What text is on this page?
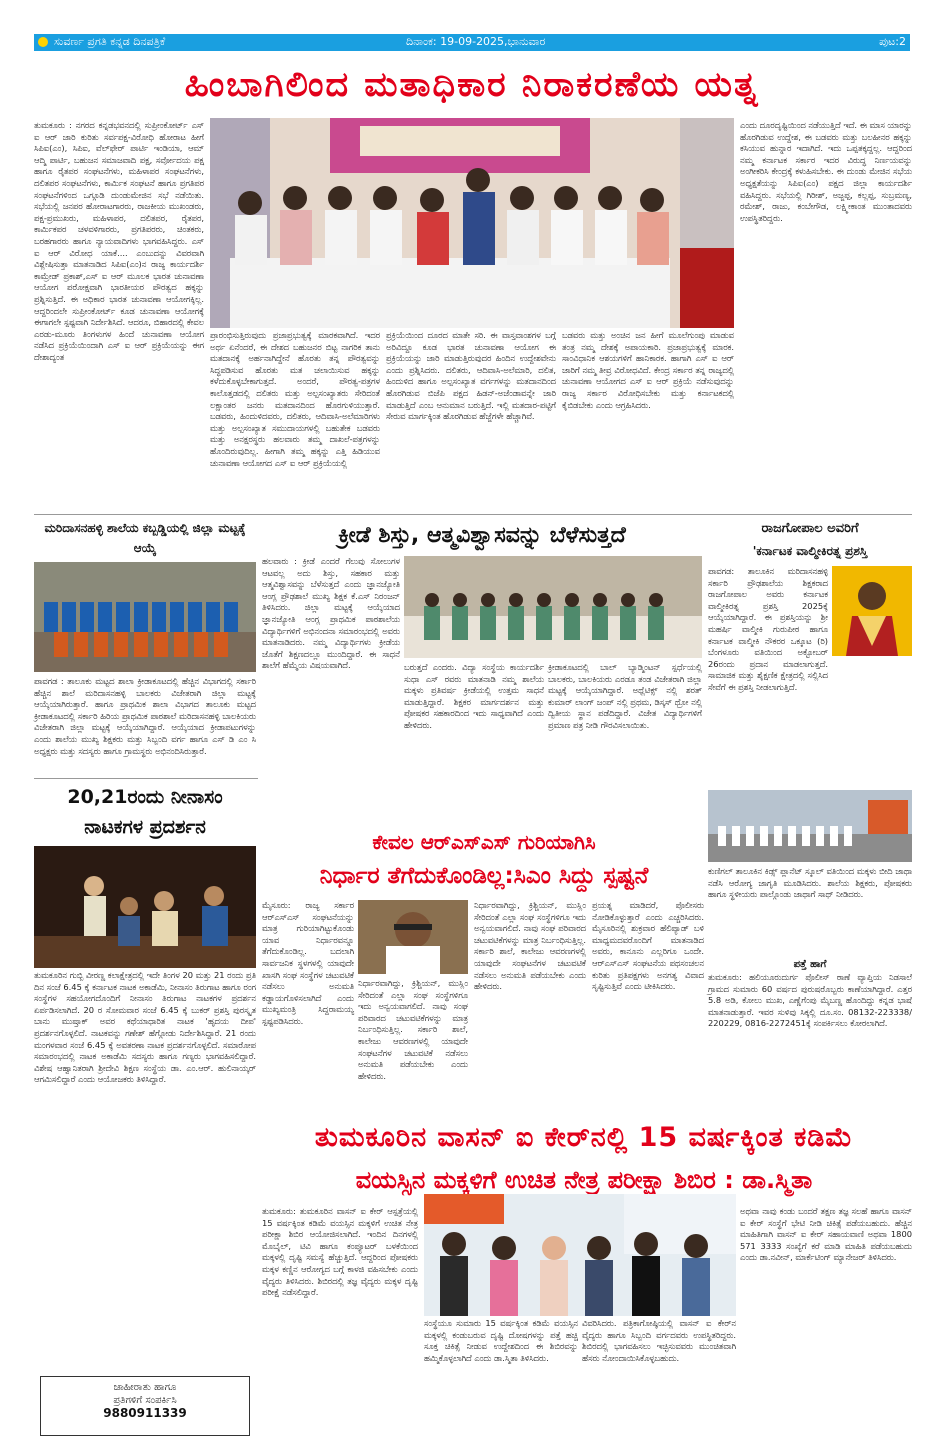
ಸುವರ್ಣ ಪ್ರಗತಿ ಕನ್ನಡ ದಿನಪತ್ರಿಕೆ	ದಿನಾಂಕ: 19-09-2025,ಭಾನುವಾರ	ಪುಟ:2
ಹಿಂಬಾಗಿಲಿಂದ ಮತಾಧಿಕಾರ ನಿರಾಕರಣೆಯ ಯತ್ನ
ತುಮಕೂರು : ನಗರದ ಕನ್ನಡಭವನದಲ್ಲಿ ಸುಪ್ರೀಂಕೋರ್ಟ್ ಎಸ್ ಐ ಆರ್ ಜಾರಿ ಕುರಿತು ಸರ್ವಪಕ್ಷ-ವಿರೋಧಿ ಹೋರಾಟ ಹೀಗೆ ಸಿಪಿಐ(ಎಂ), ಸಿಪಿಐ, ವೆಲ್‌ಫೇರ್ ಪಾರ್ಟಿ ಇಂಡಿಯಾ, ಆಮ್ ಆದ್ಮಿ ಪಾರ್ಟಿ, ಬಹುಜನ ಸಮಾಜವಾದಿ ಪಕ್ಷ, ಸರ್ವೋದಯ ಪಕ್ಷ ಹಾಗೂ ರೈತಪರ ಸಂಘಟನೆಗಳು, ಮಹಿಳಾಪರ ಸಂಘಟನೆಗಳು, ದಲಿತಪರ ಸಂಘಟನೆಗಳು, ಕಾರ್ಮಿಕ ಸಂಘಟನೆ ಹಾಗೂ ಪ್ರಗತಿಪರ ಸಂಘಟನೆಗಳಿಂದ ಒಗ್ಗೂಡಿ ದುಂಡುಮೇಜಿನ ಸಭೆ ನಡೆಯಿತು. ಸಭೆಯಲ್ಲಿ ಜನಪರ ಹೋರಾಟಗಾರರು, ರಾಜಕೀಯ ಮುಖಂಡರು, ಪಕ್ಷ-ಪ್ರಮುಖರು, ಮಹಿಳಾಪರ, ದಲಿತಪರ, ರೈತಪರ, ಕಾರ್ಮಿಕಪರ ಚಳವಳಿಗಾರರು, ಪ್ರಗತಿಪರರು, ಚಿಂತಕರು, ಬರಹಗಾರರು ಹಾಗೂ ನ್ಯಾಯವಾದಿಗಳು ಭಾಗವಹಿಸಿದ್ದರು. ಎಸ್ ಐ ಆರ್ ವಿರೋಧ ಯಾಕೆ.... ಎಂಬುದನ್ನು ವಿವರವಾಗಿ ವಿಶ್ಲೇಷಿಸುತ್ತಾ ಮಾತನಾಡಿದ ಸಿಪಿಐ(ಎಂ)ನ ರಾಜ್ಯ ಕಾರ್ಯದರ್ಶಿ ಕಾಮ್ರೇಡ್ ಪ್ರಕಾಶ್,ಎಸ್ ಐ ಆರ್ ಮೂಲಕ ಭಾರತ ಚುನಾವಣಾ ಆಯೋಗ ಪರೋಕ್ಷವಾಗಿ ಭಾರತೀಯರ ಪೌರತ್ವದ ಹಕ್ಕನ್ನು ಪ್ರಶ್ನಿಸುತ್ತಿದೆ. ಈ ಅಧಿಕಾರ ಭಾರತ ಚುನಾವಣಾ ಆಯೋಗಕ್ಕಿಲ್ಲ. ಆದ್ದರಿಂದಲೇ ಸುಪ್ರೀಂಕೋರ್ಟ್ ಕೂಡ ಚುನಾವಣಾ ಆಯೋಗಕ್ಕೆ ಈಗಾಗಲೇ ಸ್ಪಷ್ಟವಾಗಿ ನಿರ್ದೇಶಿಸಿದೆ. ಆದರೂ, ಬಿಹಾರದಲ್ಲಿ ಕೇವಲ ಎರಡು-ಮೂರು ತಿಂಗಳುಗಳ ಹಿಂದೆ ಚುನಾವಣಾ ಆಯೋಗ ನಡೆಸಿದ ಪ್ರಕ್ರಿಯೆಯಿಂದಾಗಿ ಎಸ್ ಐ ಆರ್ ಪ್ರಕ್ರಿಯೆಯನ್ನು ಈಗ ದೇಶಾದ್ಯಂತ
ಪ್ರಾರಂಭಿಸುತ್ತಿರುವುದು ಪ್ರಜಾಪ್ರಭುತ್ವಕ್ಕೆ ಮಾರಕವಾಗಿದೆ. ಇದರ ಅರ್ಥ ಏನೆಂದರೆ, ಈ ದೇಶದ ಬಹುಜನರ ಬಿಟ್ಟ ನಾಗರಿಕ ತಾನು ಮತದಾನಕ್ಕೆ ಅರ್ಹನಾಗಿದ್ದೇನೆ ಹೊರತು ತನ್ನ ಪೌರತ್ವವನ್ನು ಸಿದ್ಧಪಡಿಸುವ ಹೊರತು ಮತ ಚಲಾಯಿಸುವ ಹಕ್ಕನ್ನು ಕಳೆದುಕೊಳ್ಳಬೇಕಾಗುತ್ತದೆ. ಅಂದರೆ, ಪೌರತ್ವ-ಪತ್ರಗಳ ಕಾಲೊತ್ತಡದಲ್ಲಿ ದಲಿತರು ಮತ್ತು ಅಲ್ಪಸಂಖ್ಯಾತರು ಸೇರಿದಂತೆ ಲಕ್ಷಾಂತರ ಜನರು ಮತದಾನದಿಂದ ಹೊರಗುಳಿಯುತ್ತಾರೆ. ಬಡವರು, ಹಿಂದುಳಿದವರು, ದಲಿತರು, ಆದಿವಾಸಿ-ಅಲೆಮಾರಿಗಳು ಮತ್ತು ಅಲ್ಪಸಂಖ್ಯಾತ ಸಮುದಾಯಗಳಲ್ಲಿ ಬಹುತೇಕ ಬಡವರು ಮತ್ತು ಅನಕ್ಷರಸ್ಥರು ಹಲವಾರು ತಮ್ಮ ದಾಖಲೆ-ಪತ್ರಗಳನ್ನು ಹೊಂದಿರುವುದಿಲ್ಲ. ಹೀಗಾಗಿ ತಮ್ಮ ಹಕ್ಕನ್ನು ಎತ್ತಿ ಹಿಡಿಯುವ ಚುನಾವಣಾ ಆಯೋಗದ ಎಸ್ ಐ ಆರ್ ಪ್ರಕ್ರಿಯೆಯಲ್ಲಿ
ಪ್ರಕ್ರಿಯೆಯಿಂದ ದೂರದ ಮಾತೇ ಸರಿ. ಈ ವಾಸ್ತವಾಂಶಗಳ ಬಗ್ಗೆ ಅರಿವಿದ್ದೂ ಕೂಡ ಭಾರತ ಚುನಾವಣಾ ಆಯೋಗ ಈ ಪ್ರಕ್ರಿಯೆಯನ್ನು ಜಾರಿ ಮಾಡುತ್ತಿರುವುದರ ಹಿಂದಿನ ಉದ್ದೇಶವೇನು ಎಂದು ಪ್ರಶ್ನಿಸಿದರು. ದಲಿತರು, ಆದಿವಾಸಿ-ಅಲೆಮಾರಿ, ದಲಿತ, ಹಿಂದುಳಿದ ಹಾಗೂ ಅಲ್ಪಸಂಖ್ಯಾತ ವರ್ಗಗಳನ್ನು ಮತದಾನದಿಂದ ಹೊರಗಿಡುವ ಬಿಜೆಪಿ ಪಕ್ಷದ ಹಿಡನ್-ಅಜೆಂಡಾವನ್ನೇ ಜಾರಿ ಮಾಡುತ್ತಿದೆ ಎಂಬ ಆನುಮಾನ ಬರುತ್ತಿದೆ. ಇಲ್ಲಿ ಮತದಾರ-ಪಟ್ಟಿಗೆ ಸೇರುವ ಮಾರ್ಗಕ್ಕಿಂತ ಹೊರಗಿಡುವ ಹೆಜ್ಜೆಗಳೇ ಹೆಚ್ಚಾಗಿವೆ.
ಬಡವರು ಮತ್ತು ಅಂಚಿನ ಜನ ಹೀಗೆ ಮೂಲೆಗುಂಪು ಮಾಡುವ ತಂತ್ರ ನಮ್ಮ ದೇಶಕ್ಕೆ ಅಪಾಯಕಾರಿ. ಪ್ರಜಾಪ್ರಭುತ್ವಕ್ಕೆ ಮಾರಕ. ಸಾಂವಿಧಾನಿಕ ಆಶಯಗಳಿಗೆ ಹಾನಿಕಾರಕ. ಹಾಗಾಗಿ ಎಸ್ ಐ ಆರ್ ಜಾರಿಗೆ ನಮ್ಮ ತೀವ್ರ ವಿರೋಧವಿದೆ. ಕೇಂದ್ರ ಸರ್ಕಾರ ತನ್ನ ರಾಜ್ಯದಲ್ಲಿ ಚುನಾವಣಾ ಆಯೋಗದ ಎಸ್ ಐ ಆರ್ ಪ್ರಕ್ರಿಯೆ ನಡೆಸುವುದನ್ನು ರಾಜ್ಯ ಸರ್ಕಾರ ವಿರೋಧಿಸಬೇಕು ಮತ್ತು ಕರ್ನಾಟಕದಲ್ಲಿ ಕೈಬಿಡಬೇಕು ಎಂದು ಆಗ್ರಹಿಸಿದರು.
ಎಂದು ದೂರದೃಷ್ಟಿಯಿಂದ ನಡೆಯುತ್ತಿದೆ ಇದೆ. ಈ ಮಾಸ ಯಾರನ್ನು ಹೊರಗಿಡುವ ಉದ್ದೇಶ, ಈ ಬಡವರು ಮತ್ತು ಬಲಹೀನರ ಹಕ್ಕನ್ನು ಕಸಿಯುವ ಹುನ್ನಾರ ಇದಾಗಿದೆ. ಇದು ಒಪ್ಪತಕ್ಕದ್ದಲ್ಲ. ಆದ್ದರಿಂದ ನಮ್ಮ ಕರ್ನಾಟಕ ಸರ್ಕಾರ ಇದರ ವಿರುದ್ಧ ನಿರ್ಣಯವನ್ನು ಅಂಗೀಕರಿಸಿ ಕೇಂದ್ರಕ್ಕೆ ಕಳುಹಿಸಬೇಕು. ಈ ದುಂಡು ಮೇಜಿನ ಸಭೆಯ ಅಧ್ಯಕ್ಷತೆಯನ್ನು ಸಿಪಿಐ(ಎಂ) ಪಕ್ಷದ ಜಿಲ್ಲಾ ಕಾರ್ಯದರ್ಶಿ ವಹಿಸಿದ್ದರು. ಸಭೆಯಲ್ಲಿ ಗಿರೀಶ್, ಅಜ್ಜಪ್ಪ, ಕಲ್ಲಪ್ಪ, ಸುಬ್ರಮಣ್ಯ, ರಮೇಶ್, ರಾಜು, ಕಂಬೇಗೌಡ, ಲಕ್ಷ್ಮೀಕಾಂತ ಮುಂತಾದವರು ಉಪಸ್ಥಿತರಿದ್ದರು.
ಮರಿದಾಸನಹಳ್ಳಿ ಶಾಲೆಯ ಕಬ್ಬಡ್ಡಿಯಲ್ಲಿ ಜಿಲ್ಲಾ ಮಟ್ಟಕ್ಕೆ ಆಯ್ಕೆ
ಪಾವಗಡ : ತಾಲೂಕು ಮಟ್ಟದ ಶಾಲಾ ಕ್ರೀಡಾಕೂಟದಲ್ಲಿ ಹೆಚ್ಚಿನ ವಿಭಾಗದಲ್ಲಿ ಸರ್ಕಾರಿ ಹೆಚ್ಚಿನ ಶಾಲೆ ಮರಿದಾಸನಹಳ್ಳಿ ಬಾಲಕರು ವಿಜೇತರಾಗಿ ಜಿಲ್ಲಾ ಮಟ್ಟಕ್ಕೆ ಆಯ್ಕೆಯಾಗಿರುತ್ತಾರೆ. ಹಾಗೂ ಪ್ರಾಥಮಿಕ ಶಾಲಾ ವಿಭಾಗದ ತಾಲೂಕು ಮಟ್ಟದ ಕ್ರೀಡಾಕೂಟದಲ್ಲಿ ಸರ್ಕಾರಿ ಹಿರಿಯ ಪ್ರಾಥಮಿಕ ಪಾಠಶಾಲೆ ಮರಿದಾಸನಹಳ್ಳಿ ಬಾಲಕಿಯರು ವಿಜೇತರಾಗಿ ಜಿಲ್ಲಾ ಮಟ್ಟಕ್ಕೆ ಆಯ್ಕೆಯಾಗಿದ್ದಾರೆ. ಆಯ್ಕೆಯಾದ ಕ್ರೀಡಾಪಟುಗಳನ್ನು ಎಂದು ಶಾಲೆಯ ಮುಖ್ಯ ಶಿಕ್ಷಕರು ಮತ್ತು ಸಿಬ್ಬಂದಿ ವರ್ಗ ಹಾಗೂ ಎಸ್ ಡಿ ಎಂ ಸಿ ಅಧ್ಯಕ್ಷರು ಮತ್ತು ಸದಸ್ಯರು ಹಾಗೂ ಗ್ರಾಮಸ್ಥರು ಅಭಿನಂದಿಸಿರುತ್ತಾರೆ.
ಕ್ರೀಡೆ ಶಿಸ್ತು, ಆತ್ಮವಿಶ್ವಾಸವನ್ನು ಬೆಳೆಸುತ್ತದೆ
ಹಲವಾರು : ಕ್ರೀಡೆ ಎಂದರೆ ಗೆಲುವು ಸೋಲುಗಳ ಆಟವಲ್ಲ ಅದು ಶಿಸ್ತು, ಸಹಕಾರ ಮತ್ತು ಆತ್ಮವಿಶ್ವಾಸವನ್ನು ಬೆಳೆಸುತ್ತದೆ ಎಂದು ಜ್ಞಾನಜ್ಯೋತಿ ಆಂಗ್ಲ ಪ್ರೌಢಶಾಲೆ ಮುಖ್ಯ ಶಿಕ್ಷಕ ಕೆ.ಎಸ್ ನಿರಂಜನ್ ತಿಳಿಸಿದರು. ಜಿಲ್ಲಾ ಮಟ್ಟಕ್ಕೆ ಆಯ್ಕೆಯಾದ ಜ್ಞಾನಜ್ಯೋತಿ ಆಂಗ್ಲ ಪ್ರಾಥಮಿಕ ಪಾಠಶಾಲೆಯ ವಿದ್ಯಾರ್ಥಿಗಳಿಗೆ ಅಭಿನಂದನಾ ಸಮಾರಂಭದಲ್ಲಿ ಅವರು ಮಾತನಾಡಿದರು. ನಮ್ಮ ವಿದ್ಯಾರ್ಥಿಗಳು ಕ್ರೀಡೆಯ ಜೊತೆಗೆ ಶಿಕ್ಷಣದಲ್ಲೂ ಮುಂದಿದ್ದಾರೆ. ಈ ಸಾಧನೆ ಶಾಲೆಗೆ ಹೆಮ್ಮೆಯ ವಿಷಯವಾಗಿದೆ.	ಬರುತ್ತದೆ ಎಂದರು. ವಿದ್ಯಾ ಸಂಸ್ಥೆಯ ಕಾರ್ಯದರ್ಶಿ ಸುಧಾ ಎಸ್ ರವರು ಮಾತನಾಡಿ ನಮ್ಮ ಶಾಲೆಯ ಮಕ್ಕಳು ಪ್ರತಿವರ್ಷ ಕ್ರೀಡೆಯಲ್ಲಿ ಉತ್ತಮ ಸಾಧನೆ ಮಾಡುತ್ತಿದ್ದಾರೆ. ಶಿಕ್ಷಕರ ಮಾರ್ಗದರ್ಶನ ಮತ್ತು ಪೋಷಕರ ಸಹಕಾರದಿಂದ ಇದು ಸಾಧ್ಯವಾಗಿದೆ ಎಂದು ಹೇಳಿದರು.
ಕ್ರೀಡಾಕೂಟದಲ್ಲಿ ಬಾಲ್ ಬ್ಯಾಡ್ಮಿಂಟನ್ ಸ್ಪರ್ಧೆಯಲ್ಲಿ ಬಾಲಕರು, ಬಾಲಕಿಯರು ಎರಡೂ ತಂಡ ವಿಜೇತರಾಗಿ ಜಿಲ್ಲಾ ಮಟ್ಟಕ್ಕೆ ಆಯ್ಕೆಯಾಗಿದ್ದಾರೆ. ಅಥ್ಲೆಟಿಕ್ಸ್ ನಲ್ಲಿ ಶರತ್ ಕುಮಾರ್ ಲಾಂಗ್ ಜಂಪ್ ನಲ್ಲಿ ಪ್ರಥಮ, ಡಿಸ್ಕಸ್ ಥ್ರೋ ನಲ್ಲಿ ದ್ವಿತೀಯ ಸ್ಥಾನ ಪಡೆದಿದ್ದಾರೆ. ವಿಜೇತ ವಿದ್ಯಾರ್ಥಿಗಳಿಗೆ ಪ್ರಮಾಣ ಪತ್ರ ನೀಡಿ ಗೌರವಿಸಲಾಯಿತು.
ರಾಜಗೋಪಾಲ ಅವರಿಗೆ
'ಕರ್ನಾಟಕ ವಾಲ್ಮೀಕಿರತ್ನ ಪ್ರಶಸ್ತಿ
ಪಾವಗಡ: ತಾಲೂಕಿನ ಮರಿದಾಸನಹಳ್ಳಿ ಸರ್ಕಾರಿ ಪ್ರೌಢಶಾಲೆಯ ಶಿಕ್ಷಕರಾದ ರಾಜಗೋಪಾಲ ಅವರು ಕರ್ನಾಟಕ ವಾಲ್ಮೀಕಿರತ್ನ ಪ್ರಶಸ್ತಿ 2025ಕ್ಕೆ ಆಯ್ಕೆಯಾಗಿದ್ದಾರೆ. ಈ ಪ್ರಶಸ್ತಿಯನ್ನು ಶ್ರೀ ಮಹರ್ಷಿ ವಾಲ್ಮೀಕಿ ಗುರುಪೀಠ ಹಾಗೂ ಕರ್ನಾಟಕ ವಾಲ್ಮೀಕಿ ನೌಕರರ ಒಕ್ಕೂಟ (ರಿ) ಬೆಂಗಳೂರು ವತಿಯಿಂದ ಅಕ್ಟೋಬರ್ 26ರಂದು ಪ್ರದಾನ ಮಾಡಲಾಗುತ್ತದೆ. ಸಾಮಾಜಿಕ ಮತ್ತು ಶೈಕ್ಷಣಿಕ ಕ್ಷೇತ್ರದಲ್ಲಿ ಸಲ್ಲಿಸಿದ ಸೇವೆಗೆ ಈ ಪ್ರಶಸ್ತಿ ನೀಡಲಾಗುತ್ತಿದೆ.
ಕುಣಿಗಲ್ ತಾಲೂಕಿನ ಕಿಡ್ಸ್ ಪ್ಲಾನೆಟ್ ಸ್ಕೂಲ್ ವತಿಯಿಂದ ಮಕ್ಕಳು ಬೀದಿ ಜಾಥಾ ನಡೆಸಿ ಆರೋಗ್ಯ ಜಾಗೃತಿ ಮೂಡಿಸಿದರು. ಶಾಲೆಯ ಶಿಕ್ಷಕರು, ಪೋಷಕರು ಹಾಗೂ ಸ್ಥಳೀಯರು ಪಾಲ್ಗೊಂಡು ಜಾಥಾಗೆ ಸಾಥ್ ನೀಡಿದರು.
ಪತ್ತೆ ಹಾಗೆ
ತುಮಕೂರು: ಹಲಿಯೂರುದುರ್ಗ ಪೊಲೀಸ್ ಠಾಣೆ ವ್ಯಾಪ್ತಿಯ ನಿಡಸಾಲೆ ಗ್ರಾಮದ ಸುಮಾರು 60 ವರ್ಷದ ಪುರುಷರೊಬ್ಬರು ಕಾಣೆಯಾಗಿದ್ದಾರೆ. ಎತ್ತರ 5.8 ಅಡಿ, ಕೋಲು ಮುಖ, ಎಣ್ಣೆಗೆಂಪು ಮೈಬಣ್ಣ ಹೊಂದಿದ್ದು ಕನ್ನಡ ಭಾಷೆ ಮಾತನಾಡುತ್ತಾರೆ. ಇವರ ಸುಳಿವು ಸಿಕ್ಕಲ್ಲಿ ದೂ.ಸಂ. 08132-223338/ 220229, 0816-2272451ಕ್ಕೆ ಸಂಪರ್ಕಿಸಲು ಕೋರಲಾಗಿದೆ.
20,21ರಂದು ನೀನಾಸಂ
ನಾಟಕಗಳ ಪ್ರದರ್ಶನ
ತುಮಕೂರಿನ ಗುಬ್ಬಿ ವೀರಣ್ಣ ಕಲಾಕ್ಷೇತ್ರದಲ್ಲಿ ಇದೇ ತಿಂಗಳ 20 ಮತ್ತು 21 ರಂದು ಪ್ರತಿ ದಿನ ಸಂಜೆ 6.45 ಕ್ಕೆ ಕರ್ನಾಟಕ ನಾಟಕ ಅಕಾಡೆಮಿ, ನೀನಾಸಂ ತಿರುಗಾಟ ಹಾಗೂ ರಂಗ ಸಂಸ್ಥೆಗಳ ಸಹಯೋಗದೊಂದಿಗೆ ನೀನಾಸಂ ತಿರುಗಾಟ ನಾಟಕಗಳ ಪ್ರದರ್ಶನ ಏರ್ಪಡಿಸಲಾಗಿದೆ. 20 ರ ಸೋಮವಾರ ಸಂಜೆ 6.45 ಕ್ಕೆ ಬುಕರ್ ಪ್ರಶಸ್ತಿ ಪುರಸ್ಕೃತ ಬಾನು ಮುಷ್ತಾಕ್ ಅವರ ಕಥೆಯಾಧಾರಿತ ನಾಟಕ 'ಹೃದಯ ದೀಪ' ಪ್ರದರ್ಶನಗೊಳ್ಳಲಿದೆ. ನಾಟಕವನ್ನು ಗಣೇಶ್ ಹೆಗ್ಗೋಡು ನಿರ್ದೇಶಿಸಿದ್ದಾರೆ. 21 ರಂದು ಮಂಗಳವಾರ ಸಂಜೆ 6.45 ಕ್ಕೆ ಅವತರಣಾ ನಾಟಕ ಪ್ರದರ್ಶನಗೊಳ್ಳಲಿದೆ. ಸಮಾರೋಪ ಸಮಾರಂಭದಲ್ಲಿ ನಾಟಕ ಅಕಾಡೆಮಿ ಸದಸ್ಯರು ಹಾಗೂ ಗಣ್ಯರು ಭಾಗವಹಿಸಲಿದ್ದಾರೆ. ವಿಶೇಷ ಆಹ್ವಾನಿತರಾಗಿ ಶ್ರೀದೇವಿ ಶಿಕ್ಷಣ ಸಂಸ್ಥೆಯ ಡಾ. ಎಂ.ಆರ್. ಹುಲಿನಾಯ್ಕರ್ ಆಗಮಿಸಲಿದ್ದಾರೆ ಎಂದು ಆಯೋಜಕರು ತಿಳಿಸಿದ್ದಾರೆ.
ಜಾಹೀರಾತು ಹಾಗೂ
ಪ್ರತಿಗಳಿಗೆ ಸಂಪರ್ಕಿಸಿ
9880911339
ಕೇವಲ ಆರ್‌ಎಸ್‌ಎಸ್ ಗುರಿಯಾಗಿಸಿ
ನಿರ್ಧಾರ ತೆಗೆದುಕೊಂಡಿಲ್ಲ:ಸಿಎಂ ಸಿದ್ದು ಸ್ಪಷ್ಟನೆ
ಮೈಸೂರು: ರಾಜ್ಯ ಸರ್ಕಾರ ಆರ್‌ಎಸ್‌ಎಸ್ ಸಂಘಟನೆಯನ್ನು ಮಾತ್ರ ಗುರಿಯಾಗಿಟ್ಟುಕೊಂಡು ಯಾವ ನಿರ್ಧಾರವನ್ನೂ ತೆಗೆದುಕೊಂಡಿಲ್ಲ. ಬದಲಾಗಿ ಸಾರ್ವಜನಿಕ ಸ್ಥಳಗಳಲ್ಲಿ ಯಾವುದೇ ಖಾಸಗಿ ಸಂಘ ಸಂಸ್ಥೆಗಳ ಚಟುವಟಿಕೆ ನಡೆಸಲು ಅನುಮತಿ ಕಡ್ಡಾಯಗೊಳಿಸಲಾಗಿದೆ ಎಂದು ಮುಖ್ಯಮಂತ್ರಿ ಸಿದ್ದರಾಮಯ್ಯ ಸ್ಪಷ್ಟಪಡಿಸಿದರು.
ನಿರ್ಧಾರವಾಗಿದ್ದು, ಕ್ರಿಶ್ಚಿಯನ್, ಮುಸ್ಲಿಂ ಸೇರಿದಂತೆ ಎಲ್ಲಾ ಸಂಘ ಸಂಸ್ಥೆಗಳಿಗೂ ಇದು ಅನ್ವಯವಾಗಲಿದೆ. ನಾವು ಸಂಘ ಪರಿವಾರದ ಚಟುವಟಿಕೆಗಳನ್ನು ಮಾತ್ರ ನಿರ್ಬಂಧಿಸುತ್ತಿಲ್ಲ. ಸರ್ಕಾರಿ ಶಾಲೆ, ಕಾಲೇಜು ಆವರಣಗಳಲ್ಲಿ ಯಾವುದೇ ಸಂಘಟನೆಗಳ ಚಟುವಟಿಕೆ ನಡೆಸಲು ಅನುಮತಿ ಪಡೆಯಬೇಕು ಎಂದು ಹೇಳಿದರು.
ನಿರ್ಧಾರವಾಗಿದ್ದು, ಕ್ರಿಶ್ಚಿಯನ್, ಮುಸ್ಲಿಂ ಸೇರಿದಂತೆ ಎಲ್ಲಾ ಸಂಘ ಸಂಸ್ಥೆಗಳಿಗೂ ಇದು ಅನ್ವಯವಾಗಲಿದೆ. ನಾವು ಸಂಘ ಪರಿವಾರದ ಚಟುವಟಿಕೆಗಳನ್ನು ಮಾತ್ರ ನಿರ್ಬಂಧಿಸುತ್ತಿಲ್ಲ. ಸರ್ಕಾರಿ ಶಾಲೆ, ಕಾಲೇಜು ಆವರಣಗಳಲ್ಲಿ ಯಾವುದೇ ಸಂಘಟನೆಗಳ ಚಟುವಟಿಕೆ ನಡೆಸಲು ಅನುಮತಿ ಪಡೆಯಬೇಕು ಎಂದು ಹೇಳಿದರು.
ಪ್ರಯತ್ನ ಮಾಡಿದರೆ, ಪೊಲೀಸರು ನೋಡಿಕೊಳ್ಳುತ್ತಾರೆ ಎಂದು ಎಚ್ಚರಿಸಿದರು. ಮೈಸೂರಿನಲ್ಲಿ ಶುಕ್ರವಾರ ಹೆಲಿಪ್ಯಾಡ್ ಬಳಿ ಮಾಧ್ಯಮದವರೊಂದಿಗೆ ಮಾತನಾಡಿದ ಅವರು, ಕಾನೂನು ಎಲ್ಲರಿಗೂ ಒಂದೇ. ಆರ್‌ಎಸ್‌ಎಸ್ ಸಂಘಟನೆಯ ಪಥಸಂಚಲನ ಕುರಿತು ಪ್ರತಿಪಕ್ಷಗಳು ಅನಗತ್ಯ ವಿವಾದ ಸೃಷ್ಟಿಸುತ್ತಿವೆ ಎಂದು ಟೀಕಿಸಿದರು.
ತುಮಕೂರಿನ ವಾಸನ್ ಐ ಕೇರ್‌ನಲ್ಲಿ 15 ವರ್ಷಕ್ಕಿಂತ ಕಡಿಮೆ
ವಯಸ್ಸಿನ ಮಕ್ಕಳಿಗೆ ಉಚಿತ ನೇತ್ರ ಪರೀಕ್ಷಾ ಶಿಬಿರ : ಡಾ.ಸ್ಮಿತಾ
ತುಮಕೂರು: ತುಮಕೂರಿನ ವಾಸನ್ ಐ ಕೇರ್ ಆಸ್ಪತ್ರೆಯಲ್ಲಿ 15 ವರ್ಷಕ್ಕಿಂತ ಕಡಿಮೆ ವಯಸ್ಸಿನ ಮಕ್ಕಳಿಗೆ ಉಚಿತ ನೇತ್ರ ಪರೀಕ್ಷಾ ಶಿಬಿರ ಆಯೋಜಿಸಲಾಗಿದೆ. ಇಂದಿನ ದಿನಗಳಲ್ಲಿ ಮೊಬೈಲ್, ಟಿವಿ ಹಾಗೂ ಕಂಪ್ಯೂಟರ್ ಬಳಕೆಯಿಂದ ಮಕ್ಕಳಲ್ಲಿ ದೃಷ್ಟಿ ಸಮಸ್ಯೆ ಹೆಚ್ಚುತ್ತಿದೆ. ಆದ್ದರಿಂದ ಪೋಷಕರು ಮಕ್ಕಳ ಕಣ್ಣಿನ ಆರೋಗ್ಯದ ಬಗ್ಗೆ ಕಾಳಜಿ ವಹಿಸಬೇಕು ಎಂದು ವೈದ್ಯರು ತಿಳಿಸಿದರು. ಶಿಬಿರದಲ್ಲಿ ತಜ್ಞ ವೈದ್ಯರು ಮಕ್ಕಳ ದೃಷ್ಟಿ ಪರೀಕ್ಷೆ ನಡೆಸಲಿದ್ದಾರೆ.
ಸಂಸ್ಥೆಯೂ ಸುಮಾರು 15 ವರ್ಷಕ್ಕಿಂತ ಕಡಿಮೆ ವಯಸ್ಸಿನ ಮಕ್ಕಳಲ್ಲಿ ಕಂಡುಬರುವ ದೃಷ್ಟಿ ದೋಷಗಳನ್ನು ಪತ್ತೆ ಹಚ್ಚಿ ಸೂಕ್ತ ಚಿಕಿತ್ಸೆ ನೀಡುವ ಉದ್ದೇಶದಿಂದ ಈ ಶಿಬಿರವನ್ನು ಹಮ್ಮಿಕೊಳ್ಳಲಾಗಿದೆ ಎಂದು ಡಾ.ಸ್ಮಿತಾ ತಿಳಿಸಿದರು.
ವಿವರಿಸಿದರು. ಪತ್ರಿಕಾಗೋಷ್ಠಿಯಲ್ಲಿ ವಾಸನ್ ಐ ಕೇರ್‌ನ ವೈದ್ಯರು ಹಾಗೂ ಸಿಬ್ಬಂದಿ ವರ್ಗದವರು ಉಪಸ್ಥಿತರಿದ್ದರು. ಶಿಬಿರದಲ್ಲಿ ಭಾಗವಹಿಸಲು ಇಚ್ಛಿಸುವವರು ಮುಂಚಿತವಾಗಿ ಹೆಸರು ನೋಂದಾಯಿಸಿಕೊಳ್ಳಬಹುದು.
ಅಥವಾ ನಾವು ಕಂಡು ಬಂದರೆ ತಕ್ಷಣ ತಜ್ಞ ಸಲಹೆ ಹಾಗೂ ವಾಸನ್ ಐ ಕೇರ್ ಸಂಸ್ಥೆಗೆ ಭೇಟಿ ನೀಡಿ ಚಿಕಿತ್ಸೆ ಪಡೆಯಬಹುದು. ಹೆಚ್ಚಿನ ಮಾಹಿತಿಗಾಗಿ ವಾಸನ್ ಐ ಕೇರ್ ಸಹಾಯವಾಣಿ ಅಥವಾ 1800 571 3333 ಸಂಖ್ಯೆಗೆ ಕರೆ ಮಾಡಿ ಮಾಹಿತಿ ಪಡೆಯಬಹುದು ಎಂದು ಡಾ.ನವೀನ್, ಮಾರ್ಕೆಟಿಂಗ್ ಮ್ಯಾನೇಜರ್ ತಿಳಿಸಿದರು.
